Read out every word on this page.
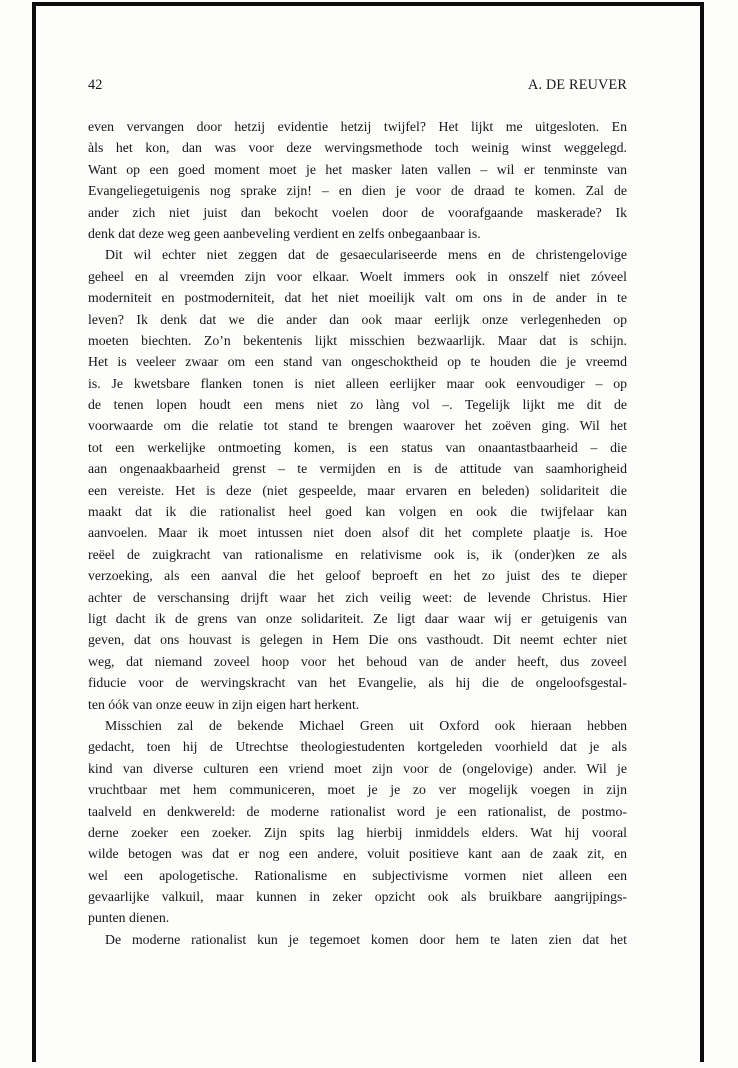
42	A. DE REUVER
even vervangen door hetzij evidentie hetzij twijfel? Het lijkt me uitgesloten. En
àls het kon, dan was voor deze wervingsmethode toch weinig winst weggelegd.
Want op een goed moment moet je het masker laten vallen – wil er tenminste van
Evangeliegetuigenis nog sprake zijn! – en dien je voor de draad te komen. Zal de
ander zich niet juist dan bekocht voelen door de voorafgaande maskerade? Ik
denk dat deze weg geen aanbeveling verdient en zelfs onbegaanbaar is.
Dit wil echter niet zeggen dat de gesaeculariseerde mens en de christengelovige
geheel en al vreemden zijn voor elkaar. Woelt immers ook in onszelf niet zóveel
moderniteit en postmoderniteit, dat het niet moeilijk valt om ons in de ander in te
leven? Ik denk dat we die ander dan ook maar eerlijk onze verlegenheden op
moeten biechten. Zo’n bekentenis lijkt misschien bezwaarlijk. Maar dat is schijn.
Het is veeleer zwaar om een stand van ongeschoktheid op te houden die je vreemd
is. Je kwetsbare flanken tonen is niet alleen eerlijker maar ook eenvoudiger – op
de tenen lopen houdt een mens niet zo làng vol –. Tegelijk lijkt me dit de
voorwaarde om die relatie tot stand te brengen waarover het zoëven ging. Wil het
tot een werkelijke ontmoeting komen, is een status van onaantastbaarheid – die
aan ongenaakbaarheid grenst – te vermijden en is de attitude van saamhorigheid
een vereiste. Het is deze (niet gespeelde, maar ervaren en beleden) solidariteit die
maakt dat ik die rationalist heel goed kan volgen en ook die twijfelaar kan
aanvoelen. Maar ik moet intussen niet doen alsof dit het complete plaatje is. Hoe
reëel de zuigkracht van rationalisme en relativisme ook is, ik (onder)ken ze als
verzoeking, als een aanval die het geloof beproeft en het zo juist des te dieper
achter de verschansing drijft waar het zich veilig weet: de levende Christus. Hier
ligt dacht ik de grens van onze solidariteit. Ze ligt daar waar wij er getuigenis van
geven, dat ons houvast is gelegen in Hem Die ons vasthoudt. Dit neemt echter niet
weg, dat niemand zoveel hoop voor het behoud van de ander heeft, dus zoveel
fiducie voor de wervingskracht van het Evangelie, als hij die de ongeloofsgestal-
ten óók van onze eeuw in zijn eigen hart herkent.
Misschien zal de bekende Michael Green uit Oxford ook hieraan hebben
gedacht, toen hij de Utrechtse theologiestudenten kortgeleden voorhield dat je als
kind van diverse culturen een vriend moet zijn voor de (ongelovige) ander. Wil je
vruchtbaar met hem communiceren, moet je je zo ver mogelijk voegen in zijn
taalveld en denkwereld: de moderne rationalist word je een rationalist, de postmo-
derne zoeker een zoeker. Zijn spits lag hierbij inmiddels elders. Wat hij vooral
wilde betogen was dat er nog een andere, voluit positieve kant aan de zaak zit, en
wel een apologetische. Rationalisme en subjectivisme vormen niet alleen een
gevaarlijke valkuil, maar kunnen in zeker opzicht ook als bruikbare aangrijpings-
punten dienen.
De moderne rationalist kun je tegemoet komen door hem te laten zien dat het
